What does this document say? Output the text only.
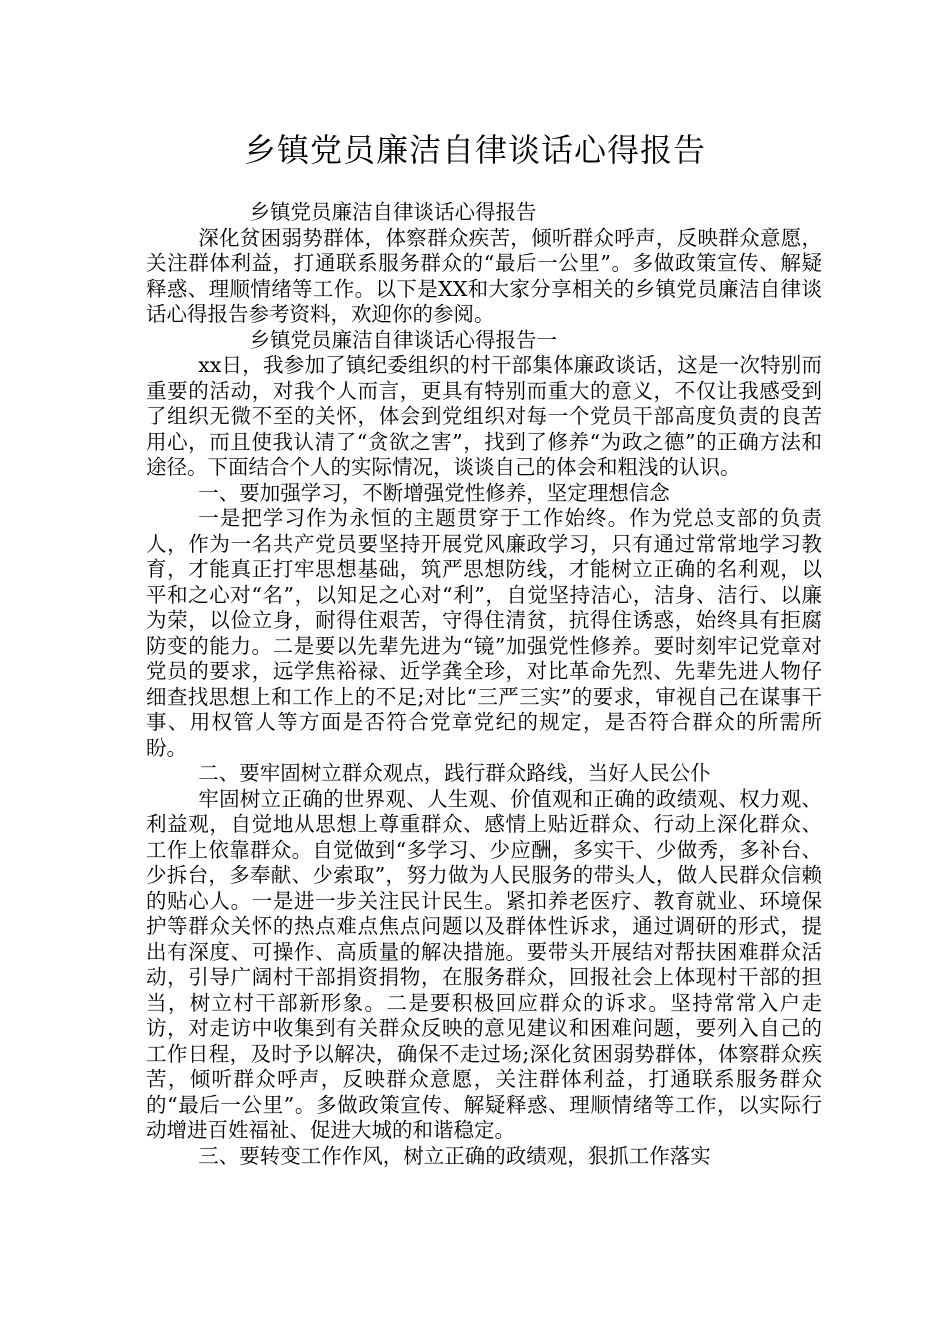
乡镇党员廉洁自律谈话心得报告

乡镇党员廉洁自律谈话心得报告

深化贫困弱势群体，体察群众疾苦，倾听群众呼声，反映群众意愿，关注群体利益，打通联系服务群众的“最后一公里”。多做政策宣传、解疑释惑、理顺情绪等工作。以下是XX和大家分享相关的乡镇党员廉洁自律谈话心得报告参考资料，欢迎你的参阅。

乡镇党员廉洁自律谈话心得报告一

xx日，我参加了镇纪委组织的村干部集体廉政谈话，这是一次特别而重要的活动，对我个人而言，更具有特别而重大的意义，不仅让我感受到了组织无微不至的关怀，体会到党组织对每一个党员干部高度负责的良苦用心，而且使我认清了“贪欲之害”，找到了修养“为政之德”的正确方法和途径。下面结合个人的实际情况，谈谈自己的体会和粗浅的认识。

一、要加强学习，不断增强党性修养，坚定理想信念

一是把学习作为永恒的主题贯穿于工作始终。作为党总支部的负责人，作为一名共产党员要坚持开展党风廉政学习，只有通过常常地学习教育，才能真正打牢思想基础，筑严思想防线，才能树立正确的名利观，以平和之心对“名”，以知足之心对“利”，自觉坚持洁心，洁身、洁行、以廉为荣，以俭立身，耐得住艰苦，守得住清贫，抗得住诱惑，始终具有拒腐防变的能力。二是要以先辈先进为“镜”加强党性修养。要时刻牢记党章对党员的要求，远学焦裕禄、近学龚全珍，对比革命先烈、先辈先进人物仔细查找思想上和工作上的不足;对比“三严三实”的要求，审视自己在谋事干事、用权管人等方面是否符合党章党纪的规定，是否符合群众的所需所盼。

二、要牢固树立群众观点，践行群众路线，当好人民公仆

牢固树立正确的世界观、人生观、价值观和正确的政绩观、权力观、利益观，自觉地从思想上尊重群众、感情上贴近群众、行动上深化群众、工作上依靠群众。自觉做到“多学习、少应酬，多实干、少做秀，多补台、少拆台，多奉献、少索取”，努力做为人民服务的带头人，做人民群众信赖的贴心人。一是进一步关注民计民生。紧扣养老医疗、教育就业、环境保护等群众关怀的热点难点焦点问题以及群体性诉求，通过调研的形式，提出有深度、可操作、高质量的解决措施。要带头开展结对帮扶困难群众活动，引导广阔村干部捐资捐物，在服务群众，回报社会上体现村干部的担当，树立村干部新形象。二是要积极回应群众的诉求。坚持常常入户走访，对走访中收集到有关群众反映的意见建议和困难问题，要列入自己的工作日程，及时予以解决，确保不走过场;深化贫困弱势群体，体察群众疾苦，倾听群众呼声，反映群众意愿，关注群体利益，打通联系服务群众的“最后一公里”。多做政策宣传、解疑释惑、理顺情绪等工作，以实际行动增进百姓福祉、促进大城的和谐稳定。

三、要转变工作作风，树立正确的政绩观，狠抓工作落实
